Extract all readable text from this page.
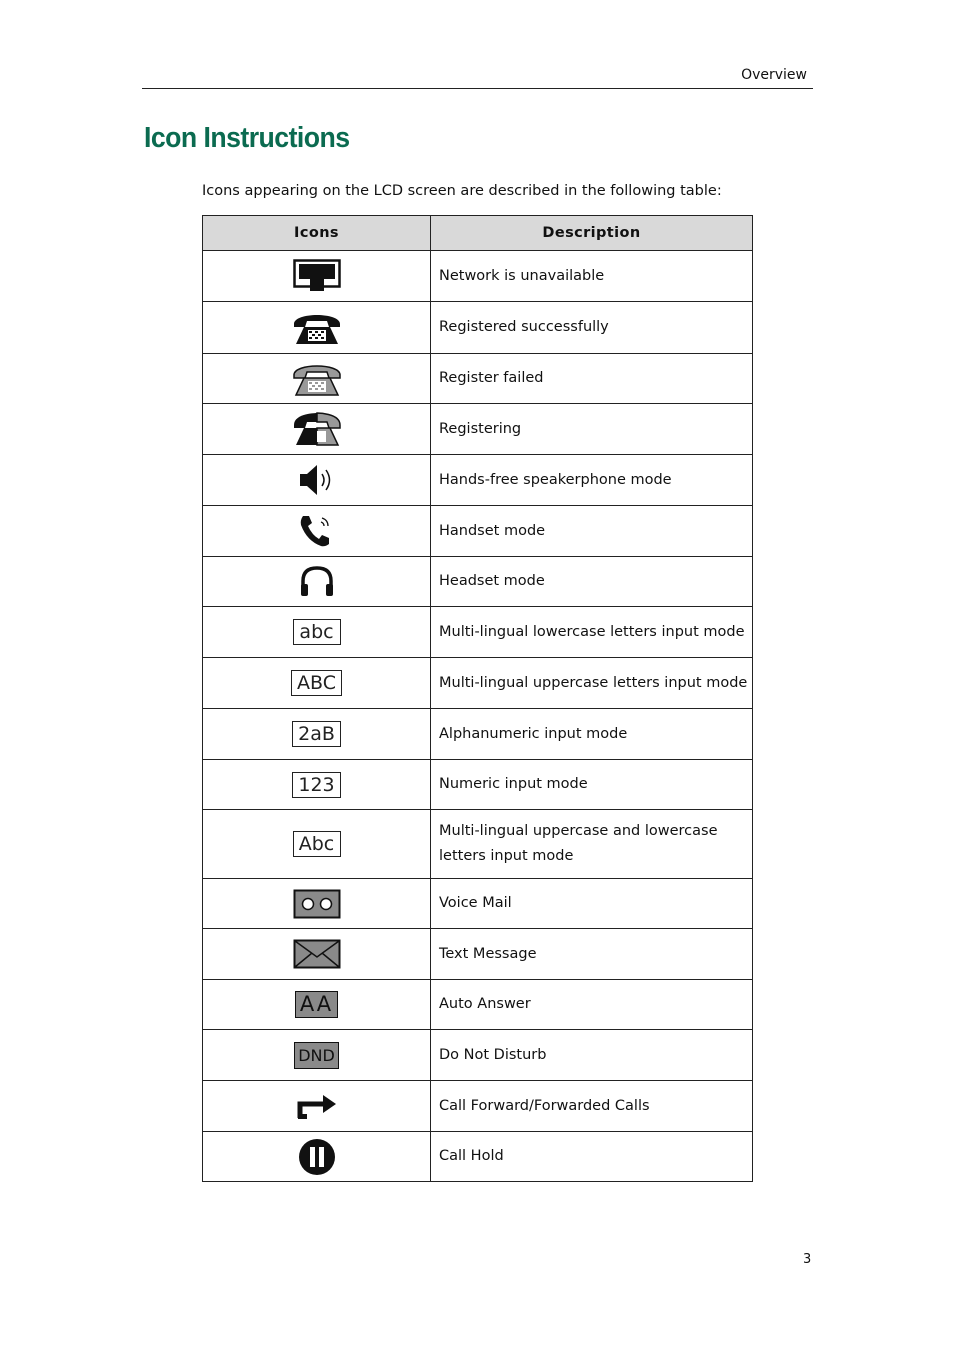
Overview
Icon Instructions

Icons appearing on the LCD screen are described in the following table:

Icons	Description

	Network is unavailable

	Registered successfully

	Register failed

	Registering

	Hands-free speakerphone mode

	Handset mode

	Headset mode
abc	Multi-lingual lowercase letters input mode
ABC	Multi-lingual uppercase letters input mode
2aB	Alphanumeric input mode
123	Numeric input mode
Abc	Multi-lingual uppercase and lowercase letters input mode

	Voice Mail

	Text Message
AA	Auto Answer
DND	Do Not Disturb

	Call Forward/Forwarded Calls

	Call Hold
3
